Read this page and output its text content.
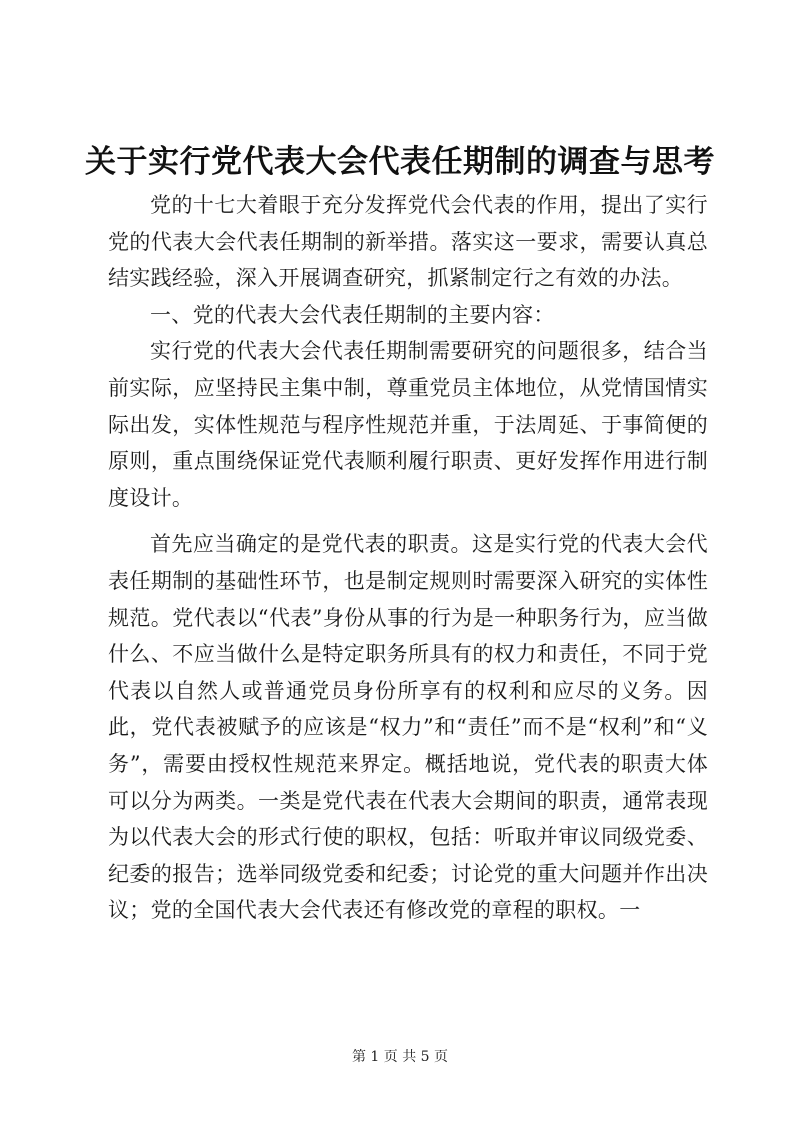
关于实行党代表大会代表任期制的调查与思考

党的十七大着眼于充分发挥党代会代表的作用，提出了实行党的代表大会代表任期制的新举措。落实这一要求，需要认真总结实践经验，深入开展调查研究，抓紧制定行之有效的办法。

一、党的代表大会代表任期制的主要内容：

实行党的代表大会代表任期制需要研究的问题很多，结合当前实际，应坚持民主集中制，尊重党员主体地位，从党情国情实际出发，实体性规范与程序性规范并重，于法周延、于事简便的原则，重点围绕保证党代表顺利履行职责、更好发挥作用进行制度设计。

首先应当确定的是党代表的职责。这是实行党的代表大会代表任期制的基础性环节，也是制定规则时需要深入研究的实体性规范。党代表以“代表”身份从事的行为是一种职务行为，应当做什么、不应当做什么是特定职务所具有的权力和责任，不同于党代表以自然人或普通党员身份所享有的权利和应尽的义务。因此，党代表被赋予的应该是“权力”和“责任”而不是“权利”和“义务”，需要由授权性规范来界定。概括地说，党代表的职责大体可以分为两类。一类是党代表在代表大会期间的职责，通常表现为以代表大会的形式行使的职权，包括：听取并审议同级党委、纪委的报告；选举同级党委和纪委；讨论党的重大问题并作出决议；党的全国代表大会代表还有修改党的章程的职权。一

第 1 页 共 5 页
